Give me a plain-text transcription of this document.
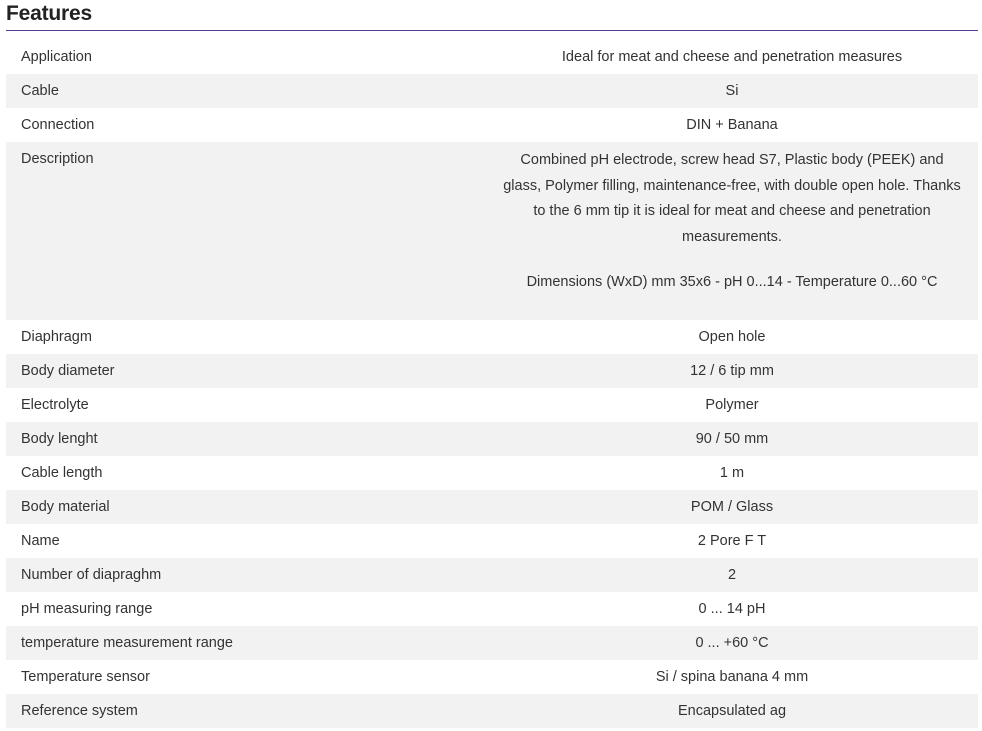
Features
Application	Ideal for meat and cheese and penetration measures
Cable	Si
Connection	DIN + Banana
Description	Combined pH electrode, screw head S7, Plastic body (PEEK) and glass, Polymer filling, maintenance-free, with double open hole. Thanks to the 6 mm tip it is ideal for meat and cheese and penetration measurements.
Dimensions (WxD) mm 35x6 - pH 0...14 - Temperature 0...60 °C
Diaphragm	Open hole
Body diameter	12 / 6 tip mm
Electrolyte	Polymer
Body lenght	90 / 50 mm
Cable length	1 m
Body material	POM / Glass
Name	2 Pore F T
Number of diapraghm	2
pH measuring range	0 ... 14 pH
temperature measurement range	0 ... +60 °C
Temperature sensor	Si / spina banana 4 mm
Reference system	Encapsulated ag
